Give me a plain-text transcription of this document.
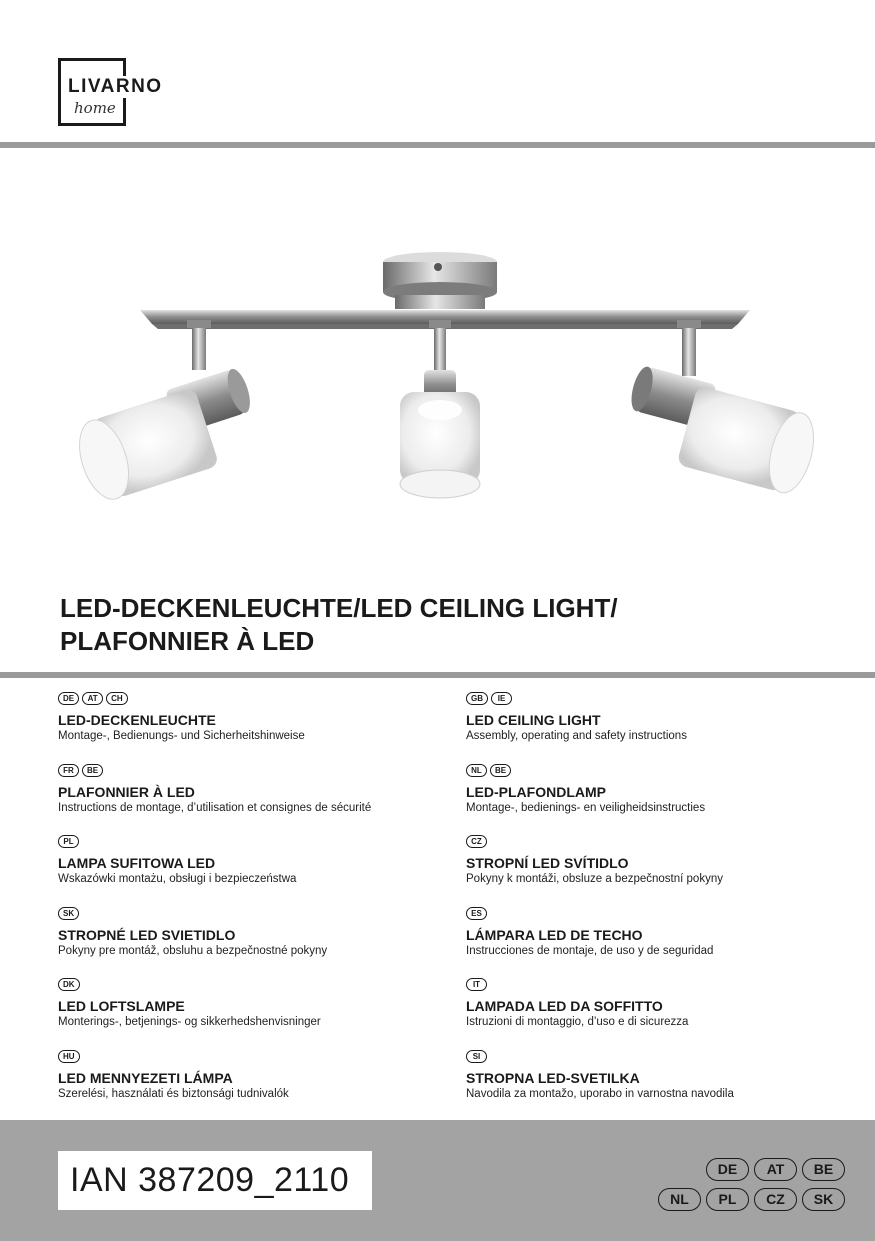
LIVARNO
home
LED-DECKENLEUCHTE/LED CEILING LIGHT/
PLAFONNIER À LED
DE	AT	CH
LED-DECKENLEUCHTE
Montage-, Bedienungs- und Sicherheitshinweise
GB	IE
LED CEILING LIGHT
Assembly, operating and safety instructions
FR	BE
PLAFONNIER À LED
Instructions de montage, d’utilisation et consignes de sécurité
NL	BE
LED-PLAFONDLAMP
Montage-, bedienings- en veiligheidsinstructies
PL
LAMPA SUFITOWA LED
Wskazówki montażu, obsługi i bezpieczeństwa
CZ
STROPNÍ LED SVÍTIDLO
Pokyny k montáži, obsluze a bezpečnostní pokyny
SK
STROPNÉ LED SVIETIDLO
Pokyny pre montáž, obsluhu a bezpečnostné pokyny
ES
LÁMPARA LED DE TECHO
Instrucciones de montaje, de uso y de seguridad
DK
LED LOFTSLAMPE
Monterings-, betjenings- og sikkerhedshenvisninger
IT
LAMPADA LED DA SOFFITTO
Istruzioni di montaggio, d’uso e di sicurezza
HU
LED MENNYEZETI LÁMPA
Szerelési, használati és biztonsági tudnivalók
SI
STROPNA LED-SVETILKA
Navodila za montažo, uporabo in varnostna navodila
IAN 387209_2110	DE	AT	BE
NL	PL	CZ	SK
